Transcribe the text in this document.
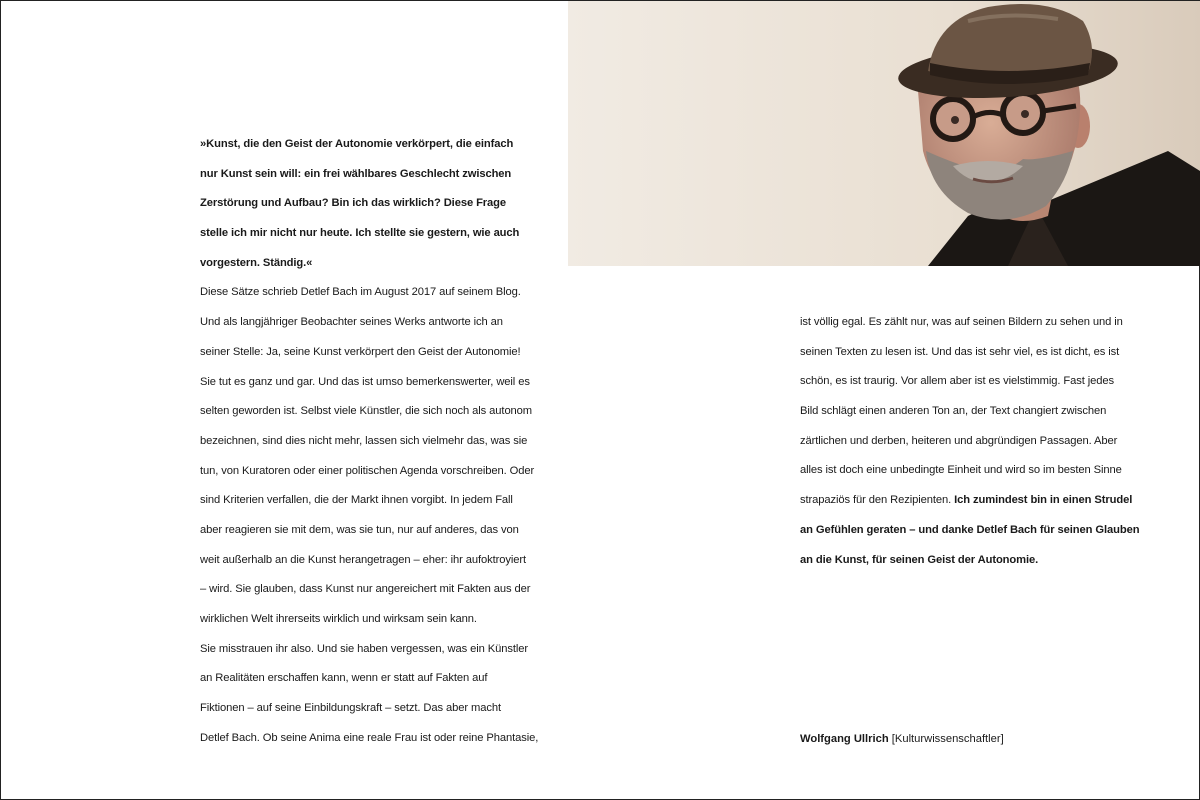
»Kunst, die den Geist der Autonomie verkörpert, die einfach
nur Kunst sein will: ein frei wählbares Geschlecht zwischen
Zerstörung und Aufbau? Bin ich das wirklich? Diese Frage
stelle ich mir nicht nur heute. Ich stellte sie gestern, wie auch
vorgestern. Ständig.«
Diese Sätze schrieb Detlef Bach im August 2017 auf seinem Blog.
Und als langjähriger Beobachter seines Werks antworte ich an
seiner Stelle: Ja, seine Kunst verkörpert den Geist der Autonomie!
Sie tut es ganz und gar. Und das ist umso bemerkenswerter, weil es
selten geworden ist. Selbst viele Künstler, die sich noch als autonom
bezeichnen, sind dies nicht mehr, lassen sich vielmehr das, was sie
tun, von Kuratoren oder einer politischen Agenda vorschreiben. Oder
sind Kriterien verfallen, die der Markt ihnen vorgibt. In jedem Fall
aber reagieren sie mit dem, was sie tun, nur auf anderes, das von
weit außerhalb an die Kunst herangetragen – eher: ihr aufoktroyiert
– wird. Sie glauben, dass Kunst nur angereichert mit Fakten aus der
wirklichen Welt ihrerseits wirklich und wirksam sein kann.
Sie misstrauen ihr also. Und sie haben vergessen, was ein Künstler
an Realitäten erschaffen kann, wenn er statt auf Fakten auf
Fiktionen – auf seine Einbildungskraft – setzt. Das aber macht
Detlef Bach. Ob seine Anima eine reale Frau ist oder reine Phantasie,
ist völlig egal. Es zählt nur, was auf seinen Bildern zu sehen und in
seinen Texten zu lesen ist. Und das ist sehr viel, es ist dicht, es ist
schön, es ist traurig. Vor allem aber ist es vielstimmig. Fast jedes
Bild schlägt einen anderen Ton an, der Text changiert zwischen
zärtlichen und derben, heiteren und abgründigen Passagen. Aber
alles ist doch eine unbedingte Einheit und wird so im besten Sinne
strapaziös für den Rezipienten. Ich zumindest bin in einen Strudel
an Gefühlen geraten – und danke Detlef Bach für seinen Glauben
an die Kunst, für seinen Geist der Autonomie.
Wolfgang Ullrich [Kulturwissenschaftler]
